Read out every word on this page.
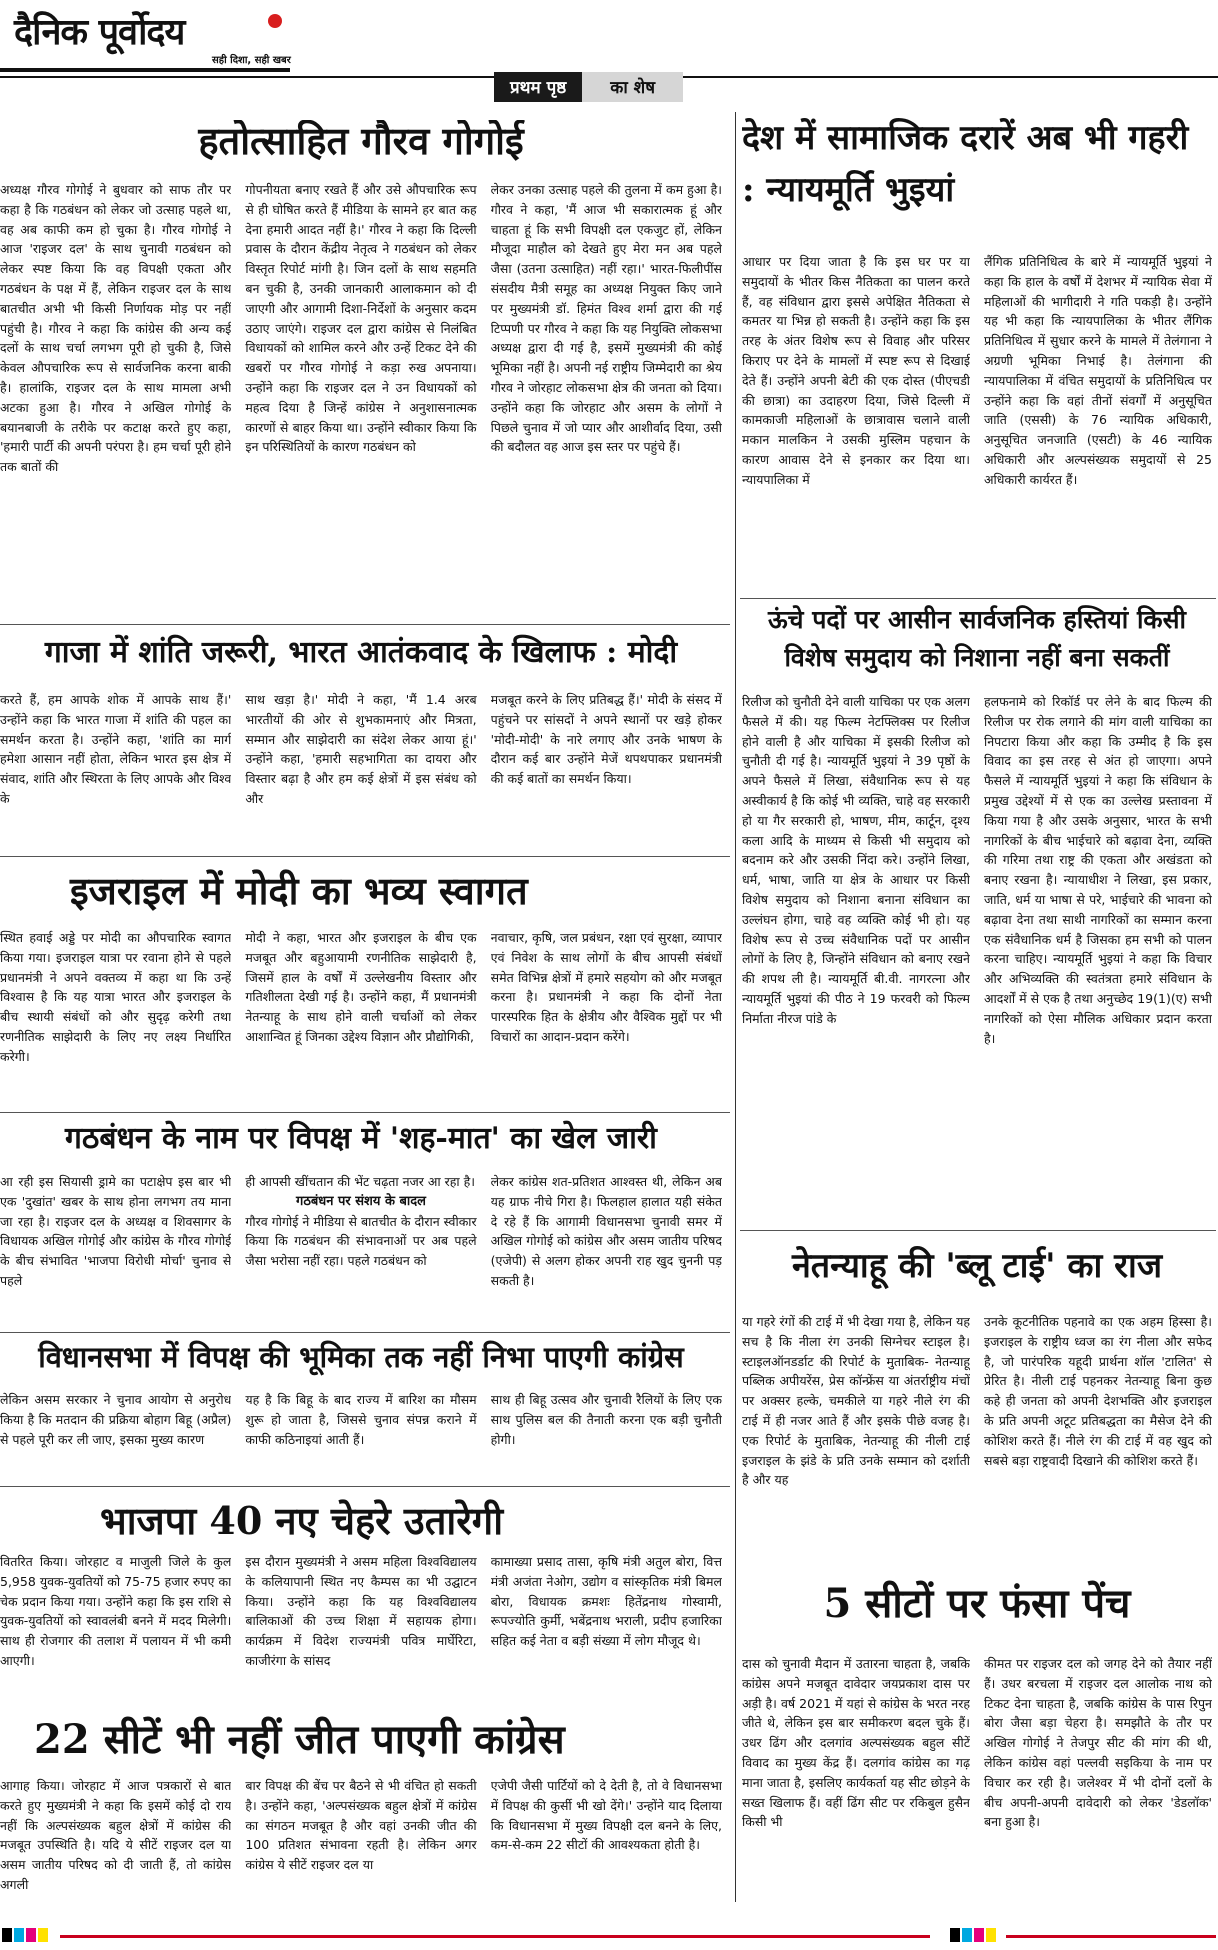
दैनिक पूर्वोदय
सही दिशा, सही खबर
प्रथम पृष्ठ	का शेष
हतोत्साहित गौरव गोगोई
अध्यक्ष गौरव गोगोई ने बुधवार को साफ तौर पर कहा है कि गठबंधन को लेकर जो उत्साह पहले था, वह अब काफी कम हो चुका है। गौरव गोगोई ने आज 'राइजर दल' के साथ चुनावी गठबंधन को लेकर स्पष्ट किया कि वह विपक्षी एकता और गठबंधन के पक्ष में हैं, लेकिन राइजर दल के साथ बातचीत अभी भी किसी निर्णायक मोड़ पर नहीं पहुंची है। गौरव ने कहा कि कांग्रेस की अन्य कई दलों के साथ चर्चा लगभग पूरी हो चुकी है, जिसे केवल औपचारिक रूप से सार्वजनिक करना बाकी है। हालांकि, राइजर दल के साथ मामला अभी अटका हुआ है। गौरव ने अखिल गोगोई के बयानबाजी के तरीके पर कटाक्ष करते हुए कहा, 'हमारी पार्टी की अपनी परंपरा है। हम चर्चा पूरी होने तक बातों की
गोपनीयता बनाए रखते हैं और उसे औपचारिक रूप से ही घोषित करते हैं मीडिया के सामने हर बात कह देना हमारी आदत नहीं है।' गौरव ने कहा कि दिल्ली प्रवास के दौरान केंद्रीय नेतृत्व ने गठबंधन को लेकर विस्तृत रिपोर्ट मांगी है। जिन दलों के साथ सहमति बन चुकी है, उनकी जानकारी आलाकमान को दी जाएगी और आगामी दिशा-निर्देशों के अनुसार कदम उठाए जाएंगे। राइजर दल द्वारा कांग्रेस से निलंबित विधायकों को शामिल करने और उन्हें टिकट देने की खबरों पर गौरव गोगोई ने कड़ा रुख अपनाया। उन्होंने कहा कि राइजर दल ने उन विधायकों को महत्व दिया है जिन्हें कांग्रेस ने अनुशासनात्मक कारणों से बाहर किया था। उन्होंने स्वीकार किया कि इन परिस्थितियों के कारण गठबंधन को
लेकर उनका उत्साह पहले की तुलना में कम हुआ है। गौरव ने कहा, 'मैं आज भी सकारात्मक हूं और चाहता हूं कि सभी विपक्षी दल एकजुट हों, लेकिन मौजूदा माहौल को देखते हुए मेरा मन अब पहले जैसा (उतना उत्साहित) नहीं रहा।' भारत-फिलीपींस संसदीय मैत्री समूह का अध्यक्ष नियुक्त किए जाने पर मुख्यमंत्री डॉ. हिमंत विश्व शर्मा द्वारा की गई टिप्पणी पर गौरव ने कहा कि यह नियुक्ति लोकसभा अध्यक्ष द्वारा दी गई है, इसमें मुख्यमंत्री की कोई भूमिका नहीं है। अपनी नई राष्ट्रीय जिम्मेदारी का श्रेय गौरव ने जोरहाट लोकसभा क्षेत्र की जनता को दिया। उन्होंने कहा कि जोरहाट और असम के लोगों ने पिछले चुनाव में जो प्यार और आशीर्वाद दिया, उसी की बदौलत वह आज इस स्तर पर पहुंचे हैं।
गाजा में शांति जरूरी, भारत आतंकवाद के खिलाफ : मोदी
करते हैं, हम आपके शोक में आपके साथ हैं।' उन्होंने कहा कि भारत गाजा में शांति की पहल का समर्थन करता है। उन्होंने कहा, 'शांति का मार्ग हमेशा आसान नहीं होता, लेकिन भारत इस क्षेत्र में संवाद, शांति और स्थिरता के लिए आपके और विश्व के
साथ खड़ा है।' मोदी ने कहा, 'मैं 1.4 अरब भारतीयों की ओर से शुभकामनाएं और मित्रता, सम्मान और साझेदारी का संदेश लेकर आया हूं।' उन्होंने कहा, 'हमारी सहभागिता का दायरा और विस्तार बढ़ा है और हम कई क्षेत्रों में इस संबंध को और
मजबूत करने के लिए प्रतिबद्ध हैं।' मोदी के संसद में पहुंचने पर सांसदों ने अपने स्थानों पर खड़े होकर 'मोदी-मोदी' के नारे लगाए और उनके भाषण के दौरान कई बार उन्होंने मेजें थपथपाकर प्रधानमंत्री की कई बातों का समर्थन किया।
इजराइल में मोदी का भव्य स्वागत
स्थित हवाई अड्डे पर मोदी का औपचारिक स्वागत किया गया। इजराइल यात्रा पर रवाना होने से पहले प्रधानमंत्री ने अपने वक्तव्य में कहा था कि उन्हें विश्वास है कि यह यात्रा भारत और इजराइल के बीच स्थायी संबंधों को और सुदृढ़ करेगी तथा रणनीतिक साझेदारी के लिए नए लक्ष्य निर्धारित करेगी।
मोदी ने कहा, भारत और इजराइल के बीच एक मजबूत और बहुआयामी रणनीतिक साझेदारी है, जिसमें हाल के वर्षों में उल्लेखनीय विस्तार और गतिशीलता देखी गई है। उन्होंने कहा, मैं प्रधानमंत्री नेतन्याहू के साथ होने वाली चर्चाओं को लेकर आशान्वित हूं जिनका उद्देश्य विज्ञान और प्रौद्योगिकी,
नवाचार, कृषि, जल प्रबंधन, रक्षा एवं सुरक्षा, व्यापार एवं निवेश के साथ लोगों के बीच आपसी संबंधों समेत विभिन्न क्षेत्रों में हमारे सहयोग को और मजबूत करना है। प्रधानमंत्री ने कहा कि दोनों नेता पारस्परिक हित के क्षेत्रीय और वैश्विक मुद्दों पर भी विचारों का आदान-प्रदान करेंगे।
गठबंधन के नाम पर विपक्ष में 'शह-मात' का खेल जारी
आ रही इस सियासी ड्रामे का पटाक्षेप इस बार भी एक 'दुखांत' खबर के साथ होना लगभग तय माना जा रहा है। राइजर दल के अध्यक्ष व शिवसागर के विधायक अखिल गोगोई और कांग्रेस के गौरव गोगोई के बीच संभावित 'भाजपा विरोधी मोर्चा' चुनाव से पहले
ही आपसी खींचतान की भेंट चढ़ता नजर आ रहा है।
गठबंधन पर संशय के बादल
गौरव गोगोई ने मीडिया से बातचीत के दौरान स्वीकार किया कि गठबंधन की संभावनाओं पर अब पहले जैसा भरोसा नहीं रहा। पहले गठबंधन को
लेकर कांग्रेस शत-प्रतिशत आश्वस्त थी, लेकिन अब यह ग्राफ नीचे गिरा है। फिलहाल हालात यही संकेत दे रहे हैं कि आगामी विधानसभा चुनावी समर में अखिल गोगोई को कांग्रेस और असम जातीय परिषद (एजेपी) से अलग होकर अपनी राह खुद चुननी पड़ सकती है।
विधानसभा में विपक्ष की भूमिका तक नहीं निभा पाएगी कांग्रेस
लेकिन असम सरकार ने चुनाव आयोग से अनुरोध किया है कि मतदान की प्रक्रिया बोहाग बिहू (अप्रैल) से पहले पूरी कर ली जाए, इसका मुख्य कारण
यह है कि बिहू के बाद राज्य में बारिश का मौसम शुरू हो जाता है, जिससे चुनाव संपन्न कराने में काफी कठिनाइयां आती हैं।
साथ ही बिहू उत्सव और चुनावी रैलियों के लिए एक साथ पुलिस बल की तैनाती करना एक बड़ी चुनौती होगी।
भाजपा 40 नए चेहरे उतारेगी
वितरित किया। जोरहाट व माजुली जिले के कुल 5,958 युवक-युवतियों को 75-75 हजार रुपए का चेक प्रदान किया गया। उन्होंने कहा कि इस राशि से युवक-युवतियों को स्वावलंबी बनने में मदद मिलेगी। साथ ही रोजगार की तलाश में पलायन में भी कमी आएगी।
इस दौरान मुख्यमंत्री ने असम महिला विश्वविद्यालय के कलियापानी स्थित नए कैम्पस का भी उद्घाटन किया। उन्होंने कहा कि यह विश्वविद्यालय बालिकाओं की उच्च शिक्षा में सहायक होगा। कार्यक्रम में विदेश राज्यमंत्री पवित्र मार्घेरिटा, काजीरंगा के सांसद
कामाख्या प्रसाद तासा, कृषि मंत्री अतुल बोरा, वित्त मंत्री अजंता नेओग, उद्योग व सांस्कृतिक मंत्री बिमल बोरा, विधायक क्रमशः हितेंद्रनाथ गोस्वामी, रूपज्योति कुर्मी, भबेंद्रनाथ भराली, प्रदीप हजारिका सहित कई नेता व बड़ी संख्या में लोग मौजूद थे।
22 सीटें भी नहीं जीत पाएगी कांग्रेस
आगाह किया। जोरहाट में आज पत्रकारों से बात करते हुए मुख्यमंत्री ने कहा कि इसमें कोई दो राय नहीं कि अल्पसंख्यक बहुल क्षेत्रों में कांग्रेस की मजबूत उपस्थिति है। यदि ये सीटें राइजर दल या असम जातीय परिषद को दी जाती हैं, तो कांग्रेस अगली
बार विपक्ष की बेंच पर बैठने से भी वंचित हो सकती है। उन्होंने कहा, 'अल्पसंख्यक बहुल क्षेत्रों में कांग्रेस का संगठन मजबूत है और वहां उनकी जीत की 100 प्रतिशत संभावना रहती है। लेकिन अगर कांग्रेस ये सीटें राइजर दल या
एजेपी जैसी पार्टियों को दे देती है, तो वे विधानसभा में विपक्ष की कुर्सी भी खो देंगे।' उन्होंने याद दिलाया कि विधानसभा में मुख्य विपक्षी दल बनने के लिए, कम-से-कम 22 सीटों की आवश्यकता होती है।
देश में सामाजिक दरारें अब भी गहरी : न्यायमूर्ति भुइयां
आधार पर दिया जाता है कि इस घर पर या समुदायों के भीतर किस नैतिकता का पालन करते हैं, वह संविधान द्वारा इससे अपेक्षित नैतिकता से कमतर या भिन्न हो सकती है। उन्होंने कहा कि इस तरह के अंतर विशेष रूप से विवाह और परिसर किराए पर देने के मामलों में स्पष्ट रूप से दिखाई देते हैं। उन्होंने अपनी बेटी की एक दोस्त (पीएचडी की छात्रा) का उदाहरण दिया, जिसे दिल्ली में कामकाजी महिलाओं के छात्रावास चलाने वाली मकान मालकिन ने उसकी मुस्लिम पहचान के कारण आवास देने से इनकार कर दिया था। न्यायपालिका में
लैंगिक प्रतिनिधित्व के बारे में न्यायमूर्ति भुइयां ने कहा कि हाल के वर्षों में देशभर में न्यायिक सेवा में महिलाओं की भागीदारी ने गति पकड़ी है। उन्होंने यह भी कहा कि न्यायपालिका के भीतर लैंगिक प्रतिनिधित्व में सुधार करने के मामले में तेलंगाना ने अग्रणी भूमिका निभाई है। तेलंगाना की न्यायपालिका में वंचित समुदायों के प्रतिनिधित्व पर उन्होंने कहा कि वहां तीनों संवर्गों में अनुसूचित जाति (एससी) के 76 न्यायिक अधिकारी, अनुसूचित जनजाति (एसटी) के 46 न्यायिक अधिकारी और अल्पसंख्यक समुदायों से 25 अधिकारी कार्यरत हैं।
ऊंचे पदों पर आसीन सार्वजनिक हस्तियां किसी
विशेष समुदाय को निशाना नहीं बना सकतीं
रिलीज को चुनौती देने वाली याचिका पर एक अलग फैसले में की। यह फिल्म नेटफ्लिक्स पर रिलीज होने वाली है और याचिका में इसकी रिलीज को चुनौती दी गई है। न्यायमूर्ति भुइयां ने 39 पृष्ठों के अपने फैसले में लिखा, संवैधानिक रूप से यह अस्वीकार्य है कि कोई भी व्यक्ति, चाहे वह सरकारी हो या गैर सरकारी हो, भाषण, मीम, कार्टून, दृश्य कला आदि के माध्यम से किसी भी समुदाय को बदनाम करे और उसकी निंदा करे। उन्होंने लिखा, धर्म, भाषा, जाति या क्षेत्र के आधार पर किसी विशेष समुदाय को निशाना बनाना संविधान का उल्लंघन होगा, चाहे वह व्यक्ति कोई भी हो। यह विशेष रूप से उच्च संवैधानिक पदों पर आसीन लोगों के लिए है, जिन्होंने संविधान को बनाए रखने की शपथ ली है। न्यायमूर्ति बी.वी. नागरत्ना और न्यायमूर्ति भुइयां की पीठ ने 19 फरवरी को फिल्म निर्माता नीरज पांडे के
हलफनामे को रिकॉर्ड पर लेने के बाद फिल्म की रिलीज पर रोक लगाने की मांग वाली याचिका का निपटारा किया और कहा कि उम्मीद है कि इस विवाद का इस तरह से अंत हो जाएगा। अपने फैसले में न्यायमूर्ति भुइयां ने कहा कि संविधान के प्रमुख उद्देश्यों में से एक का उल्लेख प्रस्तावना में किया गया है और उसके अनुसार, भारत के सभी नागरिकों के बीच भाईचारे को बढ़ावा देना, व्यक्ति की गरिमा तथा राष्ट्र की एकता और अखंडता को बनाए रखना है। न्यायाधीश ने लिखा, इस प्रकार, जाति, धर्म या भाषा से परे, भाईचारे की भावना को बढ़ावा देना तथा साथी नागरिकों का सम्मान करना एक संवैधानिक धर्म है जिसका हम सभी को पालन करना चाहिए। न्यायमूर्ति भुइयां ने कहा कि विचार और अभिव्यक्ति की स्वतंत्रता हमारे संविधान के आदर्शों में से एक है तथा अनुच्छेद 19(1)(ए) सभी नागरिकों को ऐसा मौलिक अधिकार प्रदान करता है।
नेतन्याहू की 'ब्लू टाई' का राज
या गहरे रंगों की टाई में भी देखा गया है, लेकिन यह सच है कि नीला रंग उनकी सिग्नेचर स्टाइल है। स्टाइलऑनडर्डाट की रिपोर्ट के मुताबिक- नेतन्याहू पब्लिक अपीयरेंस, प्रेस कॉन्फ्रेंस या अंतर्राष्ट्रीय मंचों पर अक्सर हल्के, चमकीले या गहरे नीले रंग की टाई में ही नजर आते हैं और इसके पीछे वजह है। एक रिपोर्ट के मुताबिक, नेतन्याहू की नीली टाई इजराइल के झंडे के प्रति उनके सम्मान को दर्शाती है और यह
उनके कूटनीतिक पहनावे का एक अहम हिस्सा है। इजराइल के राष्ट्रीय ध्वज का रंग नीला और सफेद है, जो पारंपरिक यहूदी प्रार्थना शॉल 'टालित' से प्रेरित है। नीली टाई पहनकर नेतन्याहू बिना कुछ कहे ही जनता को अपनी देशभक्ति और इजराइल के प्रति अपनी अटूट प्रतिबद्धता का मैसेज देने की कोशिश करते हैं। नीले रंग की टाई में वह खुद को सबसे बड़ा राष्ट्रवादी दिखाने की कोशिश करते हैं।
5 सीटों पर फंसा पेंच
दास को चुनावी मैदान में उतारना चाहता है, जबकि कांग्रेस अपने मजबूत दावेदार जयप्रकाश दास पर अड़ी है। वर्ष 2021 में यहां से कांग्रेस के भरत नरह जीते थे, लेकिन इस बार समीकरण बदल चुके हैं। उधर ढिंग और दलगांव अल्पसंख्यक बहुल सीटें विवाद का मुख्य केंद्र हैं। दलगांव कांग्रेस का गढ़ माना जाता है, इसलिए कार्यकर्ता यह सीट छोड़ने के सख्त खिलाफ हैं। वहीं ढिंग सीट पर रकिबुल हुसैन किसी भी
कीमत पर राइजर दल को जगह देने को तैयार नहीं हैं। उधर बरचला में राइजर दल आलोक नाथ को टिकट देना चाहता है, जबकि कांग्रेस के पास रिपुन बोरा जैसा बड़ा चेहरा है। समझौते के तौर पर अखिल गोगोई ने तेजपुर सीट की मांग की थी, लेकिन कांग्रेस वहां पल्लवी सइकिया के नाम पर विचार कर रही है। जलेश्वर में भी दोनों दलों के बीच अपनी-अपनी दावेदारी को लेकर 'डेडलॉक' बना हुआ है।
